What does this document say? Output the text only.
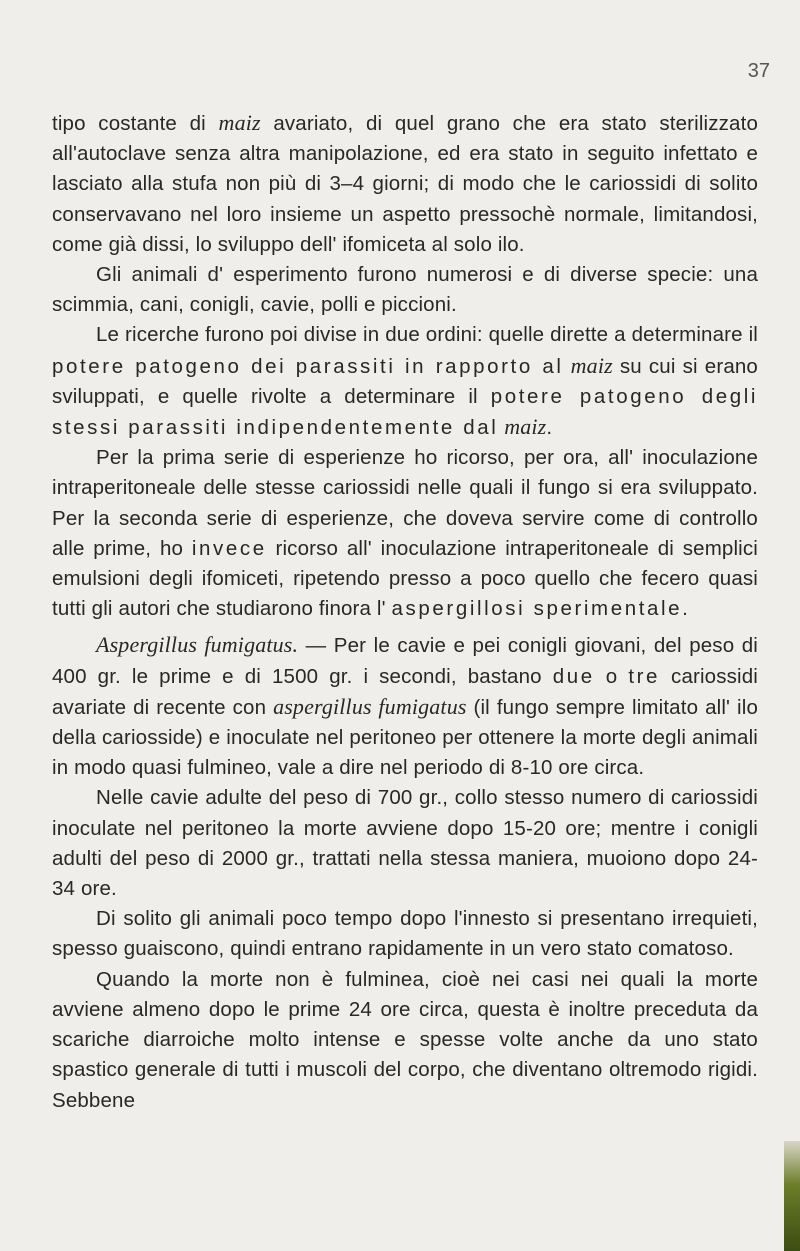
37

tipo costante di maiz avariato, di quel grano che era stato sterilizzato all'autoclave senza altra manipolazione, ed era stato in seguito infettato e lasciato alla stufa non più di 3–4 giorni; di modo che le cariossidi di solito conservavano nel loro insieme un aspetto pressochè normale, limitandosi, come già dissi, lo sviluppo dell' ifomiceta al solo ilo.

Gli animali d' esperimento furono numerosi e di diverse specie: una scimmia, cani, conigli, cavie, polli e piccioni.

Le ricerche furono poi divise in due ordini: quelle dirette a determinare il potere patogeno dei parassiti in rapporto al maiz su cui si erano sviluppati, e quelle rivolte a determinare il potere patogeno degli stessi parassiti indipendentemente dal maiz.

Per la prima serie di esperienze ho ricorso, per ora, all' inoculazione intraperitoneale delle stesse cariossidi nelle quali il fungo si era sviluppato. Per la seconda serie di esperienze, che doveva servire come di controllo alle prime, ho invece ricorso all' inoculazione intraperitoneale di semplici emulsioni degli ifomiceti, ripetendo presso a poco quello che fecero quasi tutti gli autori che studiarono finora l' aspergillosi sperimentale.

Aspergillus fumigatus. — Per le cavie e pei conigli giovani, del peso di 400 gr. le prime e di 1500 gr. i secondi, bastano due o tre cariossidi avariate di recente con aspergillus fumigatus (il fungo sempre limitato all' ilo della cariosside) e inoculate nel peritoneo per ottenere la morte degli animali in modo quasi fulmineo, vale a dire nel periodo di 8-10 ore circa.

Nelle cavie adulte del peso di 700 gr., collo stesso numero di cariossidi inoculate nel peritoneo la morte avviene dopo 15-20 ore; mentre i conigli adulti del peso di 2000 gr., trattati nella stessa maniera, muoiono dopo 24-34 ore.

Di solito gli animali poco tempo dopo l'innesto si presentano irrequieti, spesso guaiscono, quindi entrano rapidamente in un vero stato comatoso.

Quando la morte non è fulminea, cioè nei casi nei quali la morte avviene almeno dopo le prime 24 ore circa, questa è inoltre preceduta da scariche diarroiche molto intense e spesse volte anche da uno stato spastico generale di tutti i muscoli del corpo, che diventano oltremodo rigidi. Sebbene
